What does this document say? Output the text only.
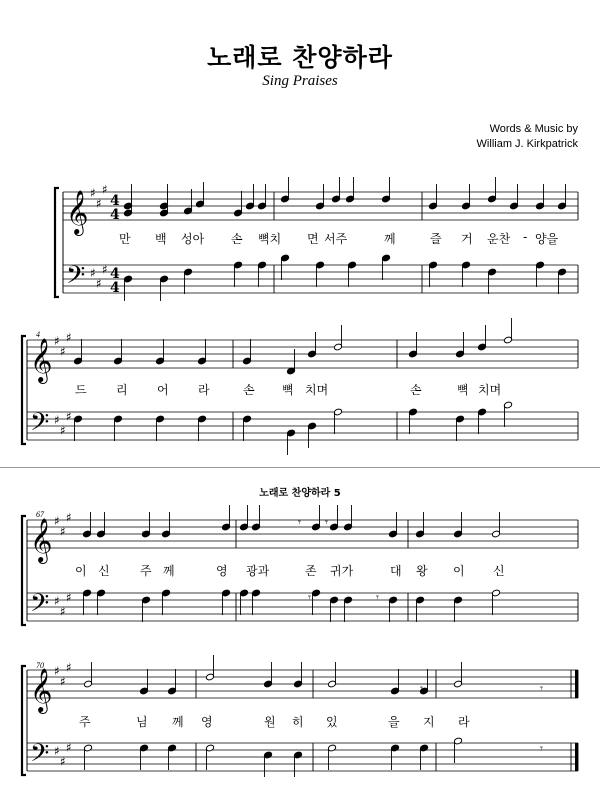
노래로 찬양하라
Sing Praises
Words & Music by
William J. Kirkpatrick
노래로 찬양하라 5
4
67
70
만 백 성아 손 뼉치 면 서주	께	즐 거 운찬 - 양을
드 리 어 라	손 뼉 치며	손	뼉 치며
이 신	주 께	영 광과	존 귀가	대 왕 이 신
주	님 께 영	원 히 있	을 지 라
𝄞
𝄢
♯
♯
♯
♯
♯
♯
4
4
4
4
𝄞
𝄢
♯
♯
♯
♯
♯
♯
𝄞
𝄢
♯
♯
♯
♯
♯
♯
𝄞
𝄢
♯
♯
♯
♯
♯
♯
𝄾
𝄾 𝄾
𝄾	𝄾
𝄾	𝄾
𝄾
